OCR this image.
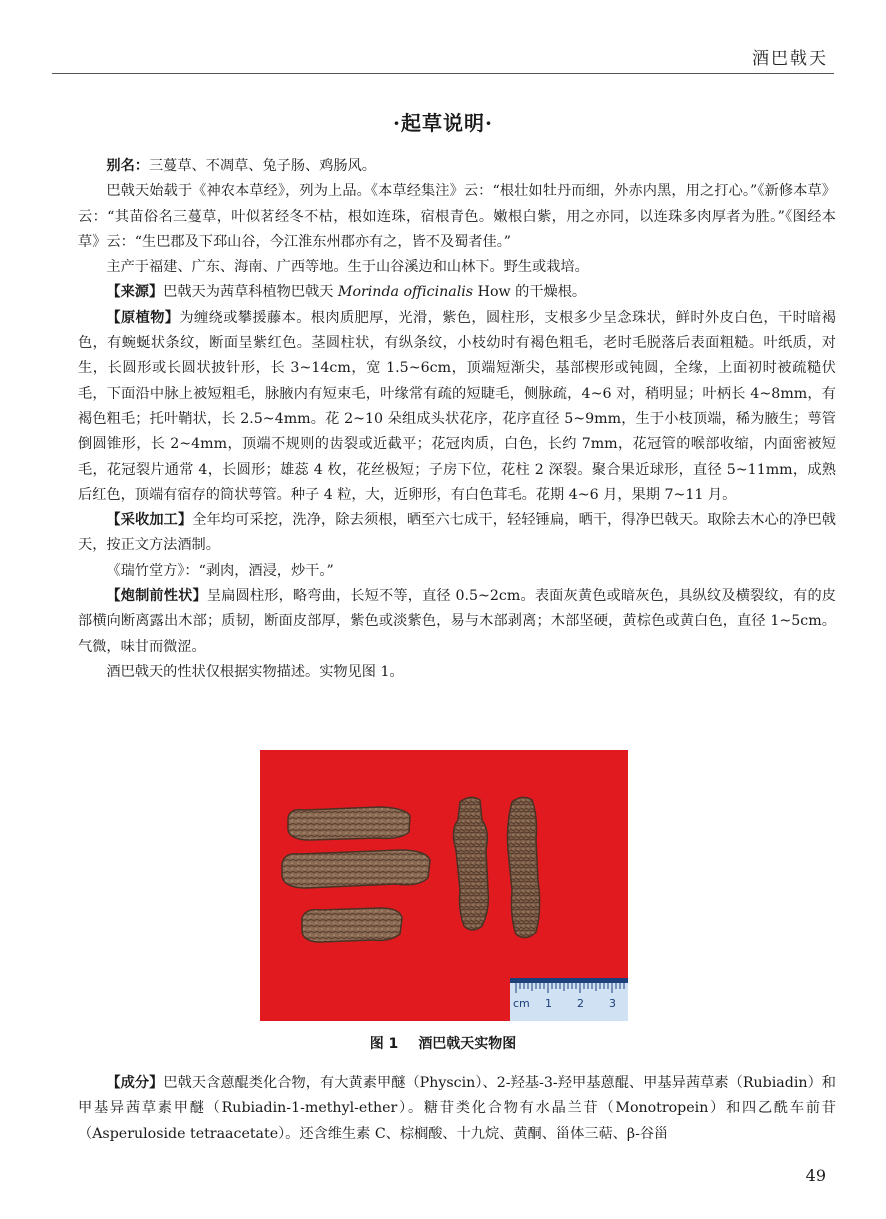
酒巴戟天
·起草说明·

别名：三蔓草、不凋草、兔子肠、鸡肠风。

巴戟天始载于《神农本草经》，列为上品。《本草经集注》云：“根壮如牡丹而细，外赤内黑，用之打心。”《新修本草》云：“其苗俗名三蔓草，叶似茗经冬不枯，根如连珠，宿根青色。嫩根白紫，用之亦同，以连珠多肉厚者为胜。”《图经本草》云：“生巴郡及下邳山谷，今江淮东州郡亦有之，皆不及蜀者佳。”

主产于福建、广东、海南、广西等地。生于山谷溪边和山林下。野生或栽培。

【来源】巴戟天为茜草科植物巴戟天 Morinda officinalis How 的干燥根。

【原植物】为缠绕或攀援藤本。根肉质肥厚，光滑，紫色，圆柱形，支根多少呈念珠状，鲜时外皮白色，干时暗褐色，有蜿蜒状条纹，断面呈紫红色。茎圆柱状，有纵条纹，小枝幼时有褐色粗毛，老时毛脱落后表面粗糙。叶纸质，对生，长圆形或长圆状披针形，长 3~14cm，宽 1.5~6cm，顶端短渐尖，基部楔形或钝圆，全缘，上面初时被疏糙伏毛，下面沿中脉上被短粗毛，脉腋内有短束毛，叶缘常有疏的短睫毛，侧脉疏，4~6 对，稍明显；叶柄长 4~8mm，有褐色粗毛；托叶鞘状，长 2.5~4mm。花 2~10 朵组成头状花序，花序直径 5~9mm，生于小枝顶端，稀为腋生；萼管倒圆锥形，长 2~4mm，顶端不规则的齿裂或近截平；花冠肉质，白色，长约 7mm，花冠管的喉部收缩，内面密被短毛，花冠裂片通常 4，长圆形；雄蕊 4 枚，花丝极短；子房下位，花柱 2 深裂。聚合果近球形，直径 5~11mm，成熟后红色，顶端有宿存的筒状萼管。种子 4 粒，大，近卵形，有白色茸毛。花期 4~6 月，果期 7~11 月。

【采收加工】全年均可采挖，洗净，除去须根，晒至六七成干，轻轻锤扁，晒干，得净巴戟天。取除去木心的净巴戟天，按正文方法酒制。

《瑞竹堂方》：“剥肉，酒浸，炒干。”

【炮制前性状】呈扁圆柱形，略弯曲，长短不等，直径 0.5~2cm。表面灰黄色或暗灰色，具纵纹及横裂纹，有的皮部横向断离露出木部；质韧，断面皮部厚，紫色或淡紫色，易与木部剥离；木部坚硬，黄棕色或黄白色，直径 1~5cm。气微，味甘而微涩。

酒巴戟天的性状仅根据实物描述。实物见图 1。

cm 1 2 3
图 1 酒巴戟天实物图

【成分】巴戟天含蒽醌类化合物，有大黄素甲醚（Physcin）、2-羟基-3-羟甲基蒽醌、甲基异茜草素（Rubiadin）和甲基异茜草素甲醚（Rubiadin-1-methyl-ether）。糖苷类化合物有水晶兰苷（Monotropein）和四乙酰车前苷（Asperuloside tetraacetate）。还含维生素 C、棕榈酸、十九烷、黄酮、甾体三萜、β-谷甾

49
